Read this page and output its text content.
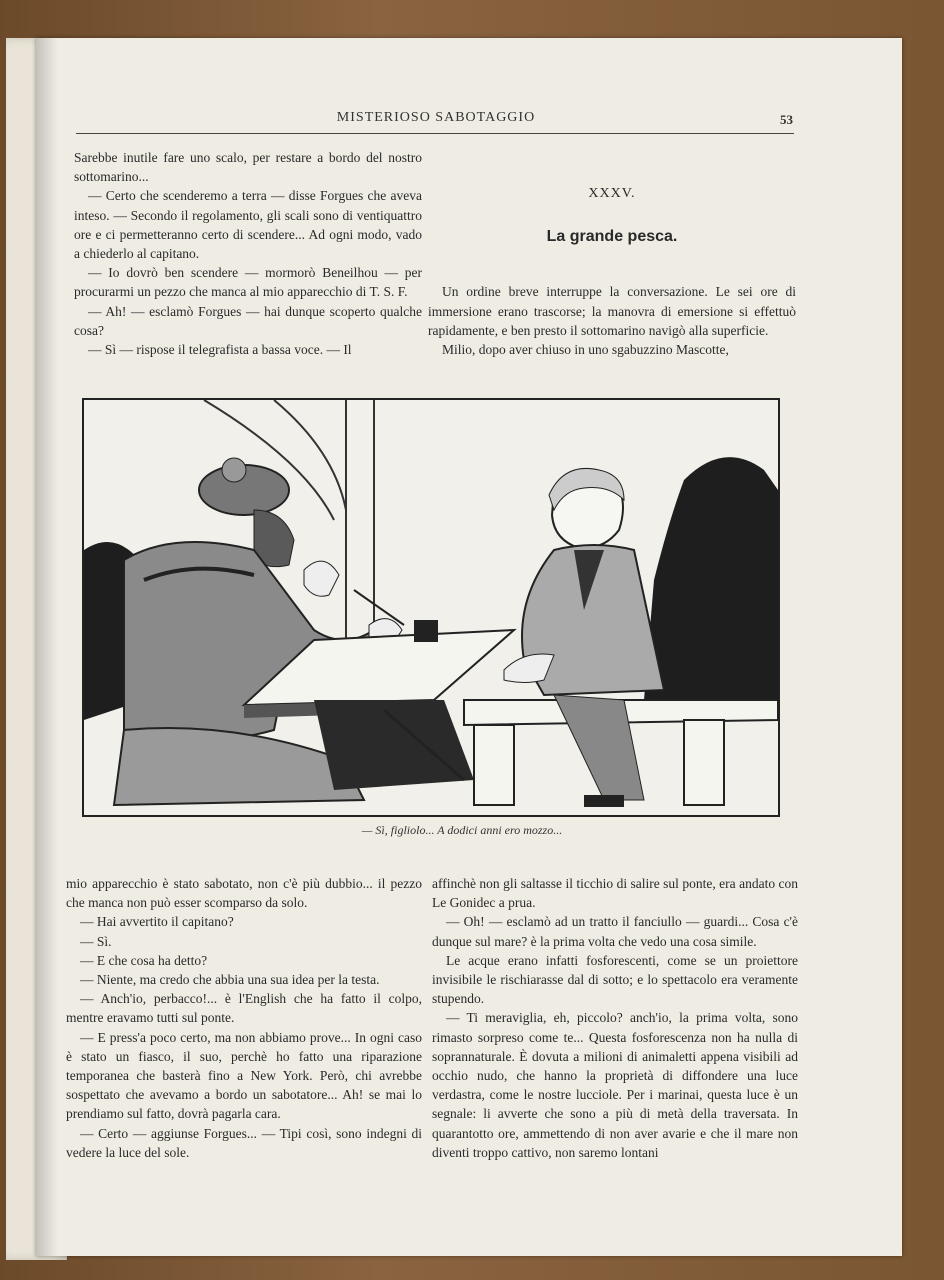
MISTERIOSO SABOTAGGIO	53

Sarebbe inutile fare uno scalo, per restare a bordo del nostro sottomarino...

— Certo che scenderemo a terra — disse Forgues che aveva inteso. — Secondo il regolamento, gli scali sono di ventiquattro ore e ci permetteranno certo di scendere... Ad ogni modo, vado a chiederlo al capitano.

— Io dovrò ben scendere — mormorò Beneilhou — per procurarmi un pezzo che manca al mio apparecchio di T. S. F.

— Ah! — esclamò Forgues — hai dunque scoperto qualche cosa?

— Sì — rispose il telegrafista a bassa voce. — Il

XXXV.

La grande pesca.

Un ordine breve interruppe la conversazione. Le sei ore di immersione erano trascorse; la manovra di emersione si effettuò rapidamente, e ben presto il sottomarino navigò alla superficie.

Milio, dopo aver chiuso in uno sgabuzzino Mascotte,

— Sì, figliolo... A dodici anni ero mozzo...

mio apparecchio è stato sabotato, non c'è più dubbio... il pezzo che manca non può esser scomparso da solo.

— Hai avvertito il capitano?

— Sì.

— E che cosa ha detto?

— Niente, ma credo che abbia una sua idea per la testa.

— Anch'io, perbacco!... è l'English che ha fatto il colpo, mentre eravamo tutti sul ponte.

— E press'a poco certo, ma non abbiamo prove... In ogni caso è stato un fiasco, il suo, perchè ho fatto una riparazione temporanea che basterà fino a New York. Però, chi avrebbe sospettato che avevamo a bordo un sabotatore... Ah! se mai lo prendiamo sul fatto, dovrà pagarla cara.

— Certo — aggiunse Forgues... — Tipi così, sono indegni di vedere la luce del sole.

affinchè non gli saltasse il ticchio di salire sul ponte, era andato con Le Gonidec a prua.

— Oh! — esclamò ad un tratto il fanciullo — guardi... Cosa c'è dunque sul mare? è la prima volta che vedo una cosa simile.

Le acque erano infatti fosforescenti, come se un proiettore invisibile le rischiarasse dal di sotto; e lo spettacolo era veramente stupendo.

— Ti meraviglia, eh, piccolo? anch'io, la prima volta, sono rimasto sorpreso come te... Questa fosforescenza non ha nulla di soprannaturale. È dovuta a milioni di animaletti appena visibili ad occhio nudo, che hanno la proprietà di diffondere una luce verdastra, come le nostre lucciole. Per i marinai, questa luce è un segnale: li avverte che sono a più di metà della traversata. In quarantotto ore, ammettendo di non aver avarie e che il mare non diventi troppo cattivo, non saremo lontani
